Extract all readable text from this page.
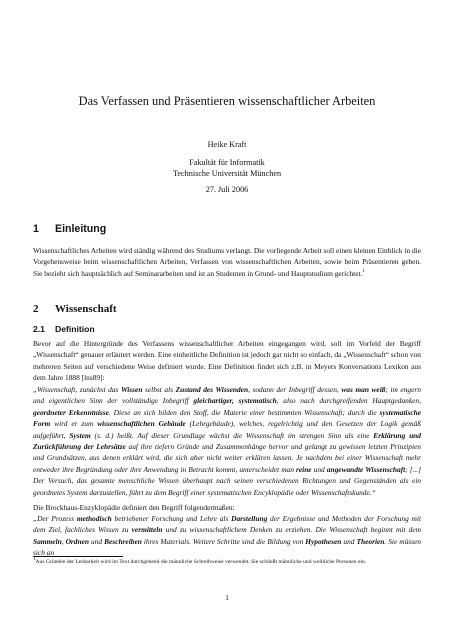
Das Verfassen und Präsentieren wissenschaftlicher Arbeiten
Heike Kraft
Fakultät für Informatik
Technische Universität München
27. Juli 2006
1 Einleitung

Wissenschaftliches Arbeiten wird ständig während des Studiums verlangt. Die vorliegende Arbeit soll einen kleinen Einblick in die Vorgehensweise beim wissenschaftlichen Arbeiten, Verfassen von wissenschaftlichen Arbeiten, sowie beim Präsentieren geben. Sie bezieht sich hauptsächlich auf Seminararbeiten und ist an Studenten in Grund- und Hauptstudium gerichtet.$^1$

2 Wissenschaft
2.1 Definition

Bevor auf die Hintergründe des Verfassens wissenschaftlicher Arbeiten eingegangen wird, soll im Vorfeld der Begriff „Wissenschaft“ genauer erläutert werden. Eine einheitliche Definition ist jedoch gar nicht so einfach, da „Wissenschaft“ schon von mehreren Seiten auf verschiedene Weise definiert wurde. Eine Definition findet sich z.B. in Meyers Konversations Lexikon aus dem Jahre 1888 [lns89]:

„Wissenschaft, zunächst das Wissen selbst als Zustand des Wissenden, sodann der Inbegriff dessen, was man weiß; im engern und eigentlichen Sinn der vollständige Inbegriff gleichartiger, systematisch, also nach durchgreifenden Hauptgedanken, geordneter Erkenntnisse. Diese an sich bilden den Stoff, die Materie einer bestimmten Wissenschaft; durch die systematische Form wird er zum wissenschaftlichen Gebäude (Lehrgebäude), welches, regelrichtig und den Gesetzen der Logik gemäß aufgeführt, System (s. d.) heißt. Auf dieser Grundlage wächst die Wissenschaft im strengen Sinn als eine Erklärung und Zurückführung der Lehrsätze auf ihre tiefern Gründe und Zusammenhänge hervor und gelangt zu gewissen letzten Prinzipien und Grundsätzen, aus denen erklärt wird, die sich aber nicht weiter erklären lassen. Je nachdem bei einer Wissenschaft mehr entweder ihre Begründung oder ihre Anwendung in Betracht kommt, unterscheidet man reine und angewandte Wissenschaft; [...] Der Versuch, das gesamte menschliche Wissen überhaupt nach seinen verschiedenen Richtungen und Gegenständen als ein geordnetes System darzustellen, führt zu dem Begriff einer systematischen Encyklopädie oder Wissenschaftskunde.“

Die Brockhaus-Enzyklopädie definiert den Begriff folgendermaßen:

„Der Prozess methodisch betriebener Forschung und Lehre als Darstellung der Ergebnisse und Methoden der Forschung mit dem Ziel, fachliches Wissen zu vermitteln und zu wissenschaftlichem Denken zu erziehen. Die Wissenschaft beginnt mit dem Sammeln, Ordnen und Beschreiben ihres Materials. Weitere Schritte sind die Bildung von Hypothesen und Theorien. Sie müssen sich an

$^1$Aus Gründen der Lesbarkeit wird im Text durchgehend die männliche Schreibweise verwendet. Sie schließt männliche und weibliche Personen ein.
1
